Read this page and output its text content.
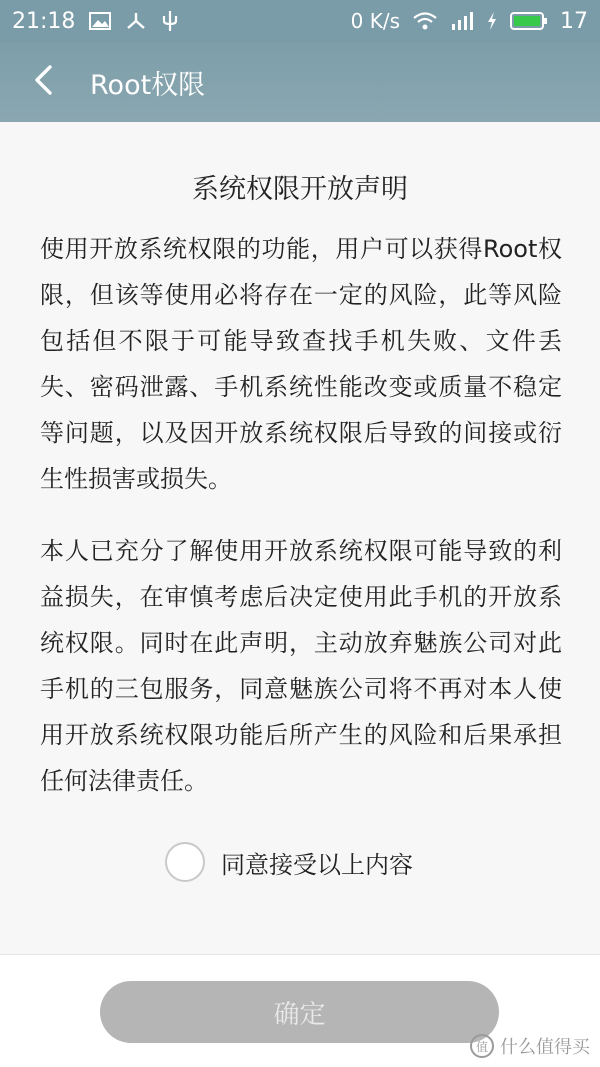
21:18	0 K/s	17
Root权限
系统权限开放声明
使用开放系统权限的功能，用户可以获得Root权限，但该等使用必将存在一定的风险，此等风险包括但不限于可能导致查找手机失败、文件丢失、密码泄露、手机系统性能改变或质量不稳定等问题，以及因开放系统权限后导致的间接或衍生性损害或损失。
本人已充分了解使用开放系统权限可能导致的利益损失，在审慎考虑后决定使用此手机的开放系统权限。同时在此声明，主动放弃魅族公司对此手机的三包服务，同意魅族公司将不再对本人使用开放系统权限功能后所产生的风险和后果承担任何法律责任。
同意接受以上内容
确定
值 什么值得买
